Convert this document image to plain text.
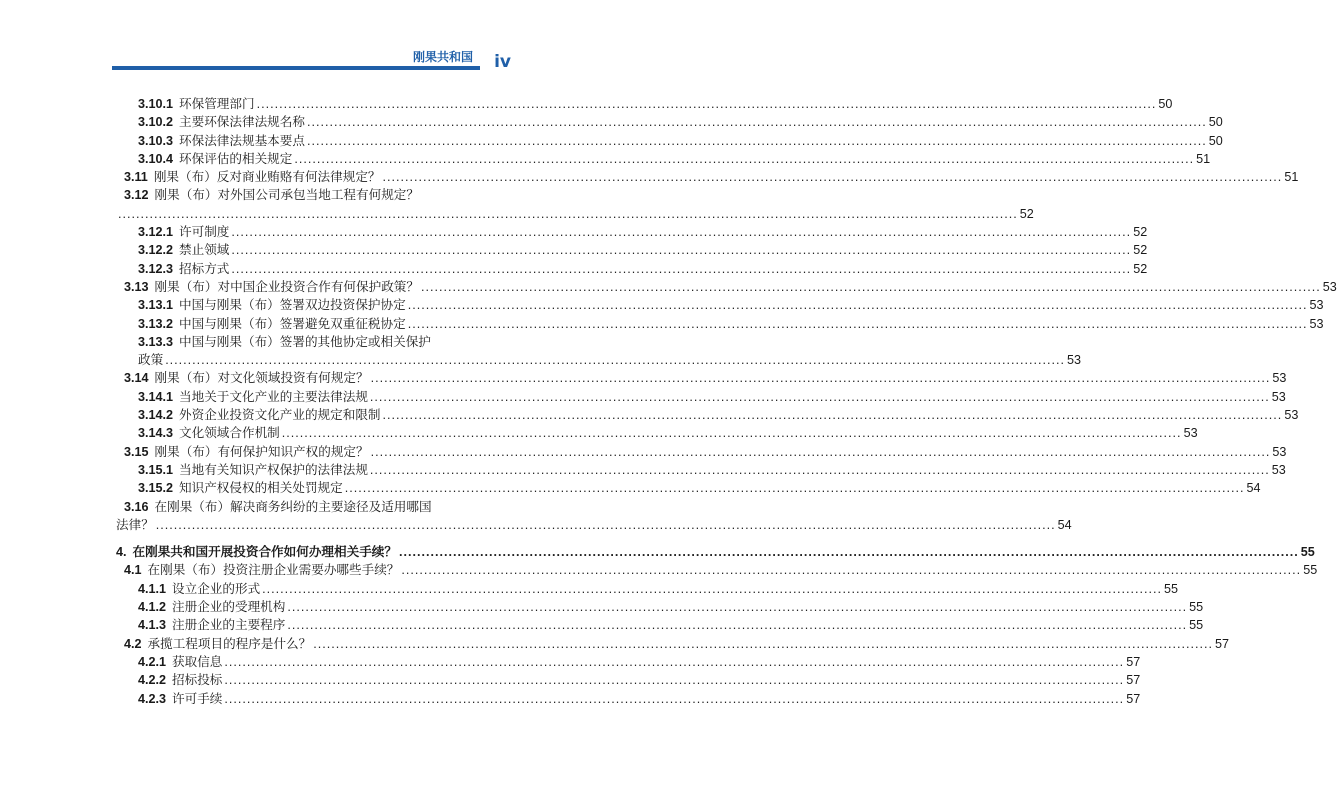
刚果共和国 iv
3.10.1 环保管理部门 ........................................................................................................................................................................................................ 50
3.10.2 主要环保法律法规名称 ........................................................................................................................................................................................................ 50
3.10.3 环保法律法规基本要点 ........................................................................................................................................................................................................ 50
3.10.4 环保评估的相关规定 ........................................................................................................................................................................................................ 51
3.11 刚果（布）反对商业贿赂有何法律规定？ ........................................................................................................................................................................................................ 51
3.12 刚果（布）对外国公司承包当地工程有何规定？
........................................................................................................................................................................................................ 52
3.12.1 许可制度 ........................................................................................................................................................................................................ 52
3.12.2 禁止领域 ........................................................................................................................................................................................................ 52
3.12.3 招标方式 ........................................................................................................................................................................................................ 52
3.13 刚果（布）对中国企业投资合作有何保护政策？ ........................................................................................................................................................................................................ 53
3.13.1 中国与刚果（布）签署双边投资保护协定 ........................................................................................................................................................................................................ 53
3.13.2 中国与刚果（布）签署避免双重征税协定 ........................................................................................................................................................................................................ 53
3.13.3 中国与刚果（布）签署的其他协定或相关保护
政策 ........................................................................................................................................................................................................ 53
3.14 刚果（布）对文化领域投资有何规定？ ........................................................................................................................................................................................................ 53
3.14.1 当地关于文化产业的主要法律法规 ........................................................................................................................................................................................................ 53
3.14.2 外资企业投资文化产业的规定和限制 ........................................................................................................................................................................................................ 53
3.14.3 文化领域合作机制 ........................................................................................................................................................................................................ 53
3.15 刚果（布）有何保护知识产权的规定？ ........................................................................................................................................................................................................ 53
3.15.1 当地有关知识产权保护的法律法规 ........................................................................................................................................................................................................ 53
3.15.2 知识产权侵权的相关处罚规定 ........................................................................................................................................................................................................ 54
3.16 在刚果（布）解决商务纠纷的主要途径及适用哪国
法律？ ........................................................................................................................................................................................................ 54
4. 在刚果共和国开展投资合作如何办理相关手续？ ........................................................................................................................................................................................................ 55
4.1 在刚果（布）投资注册企业需要办哪些手续？ ........................................................................................................................................................................................................ 55
4.1.1 设立企业的形式 ........................................................................................................................................................................................................ 55
4.1.2 注册企业的受理机构 ........................................................................................................................................................................................................ 55
4.1.3 注册企业的主要程序 ........................................................................................................................................................................................................ 55
4.2 承揽工程项目的程序是什么？ ........................................................................................................................................................................................................ 57
4.2.1 获取信息 ........................................................................................................................................................................................................ 57
4.2.2 招标投标 ........................................................................................................................................................................................................ 57
4.2.3 许可手续 ........................................................................................................................................................................................................ 57
